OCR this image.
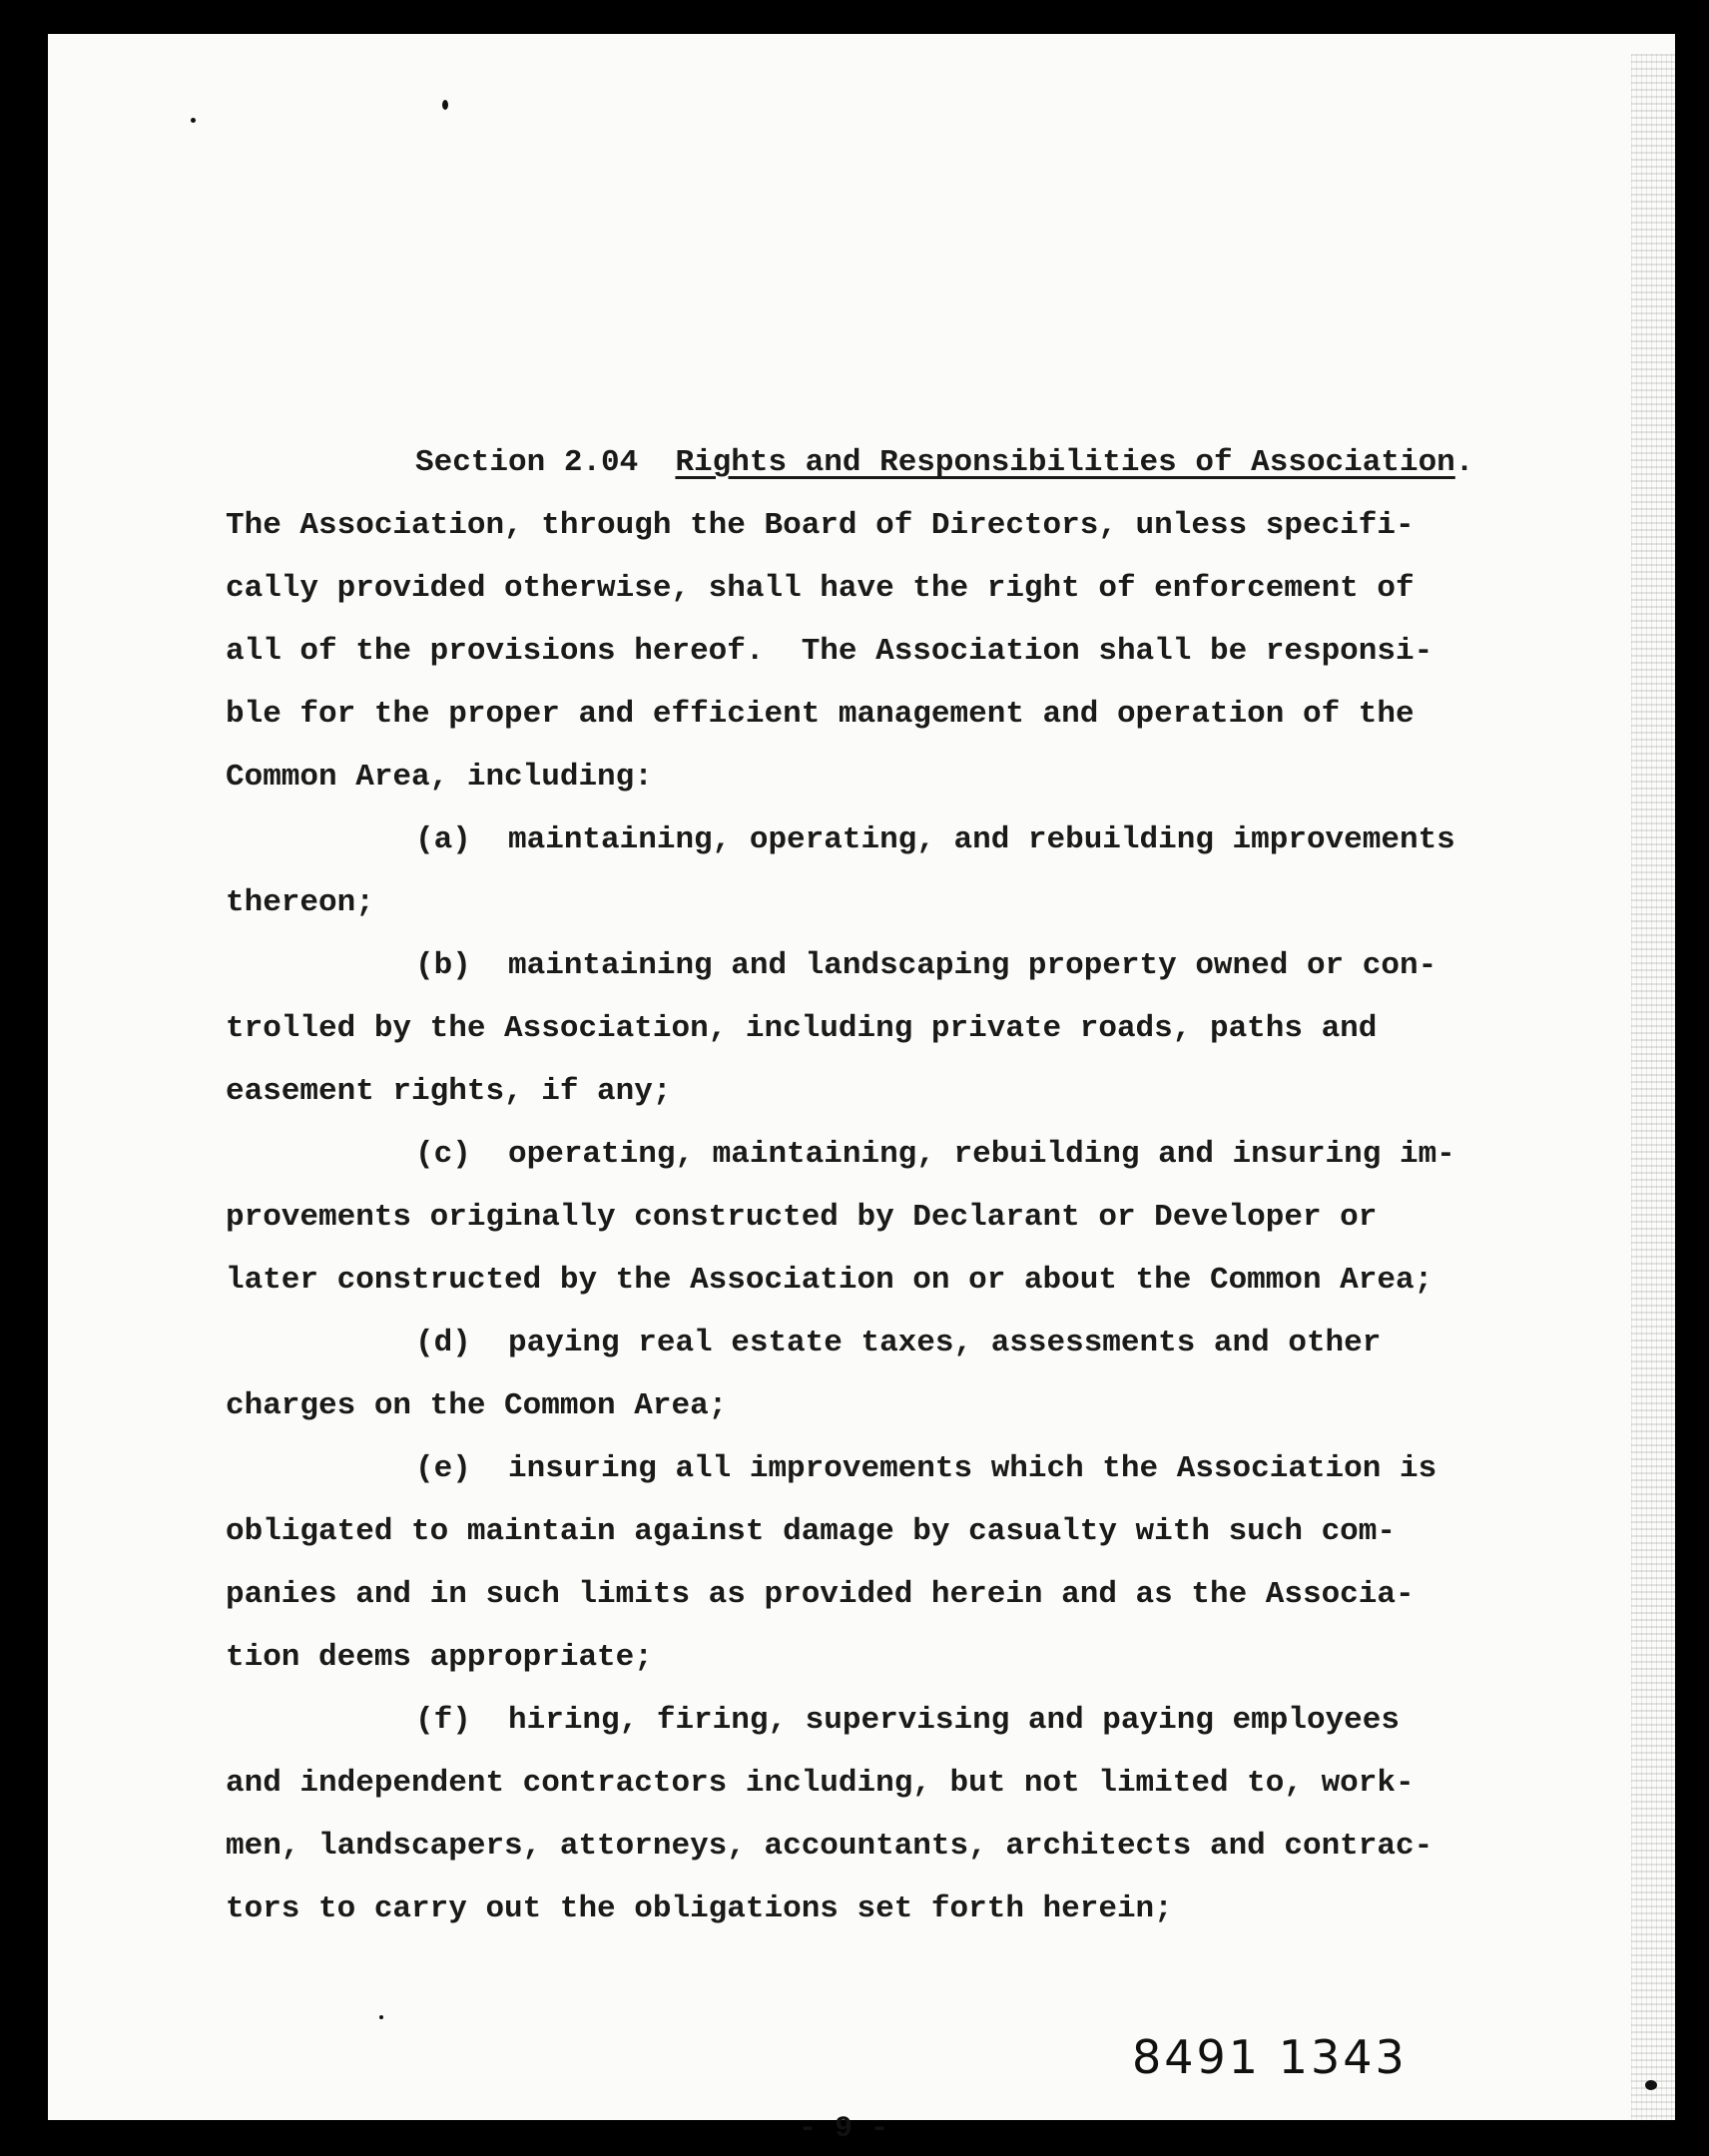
Section 2.04  Rights and Responsibilities of Association.
The Association, through the Board of Directors, unless specifi-
cally provided otherwise, shall have the right of enforcement of
all of the provisions hereof.  The Association shall be responsi-
ble for the proper and efficient management and operation of the
Common Area, including:
(a)  maintaining, operating, and rebuilding improvements
thereon;
(b)  maintaining and landscaping property owned or con-
trolled by the Association, including private roads, paths and
easement rights, if any;
(c)  operating, maintaining, rebuilding and insuring im-
provements originally constructed by Declarant or Developer or
later constructed by the Association on or about the Common Area;
(d)  paying real estate taxes, assessments and other
charges on the Common Area;
(e)  insuring all improvements which the Association is
obligated to maintain against damage by casualty with such com-
panies and in such limits as provided herein and as the Associa-
tion deems appropriate;
(f)  hiring, firing, supervising and paying employees
and independent contractors including, but not limited to, work-
men, landscapers, attorneys, accountants, architects and contrac-
tors to carry out the obligations set forth herein;
8491 1343
- 9 -
